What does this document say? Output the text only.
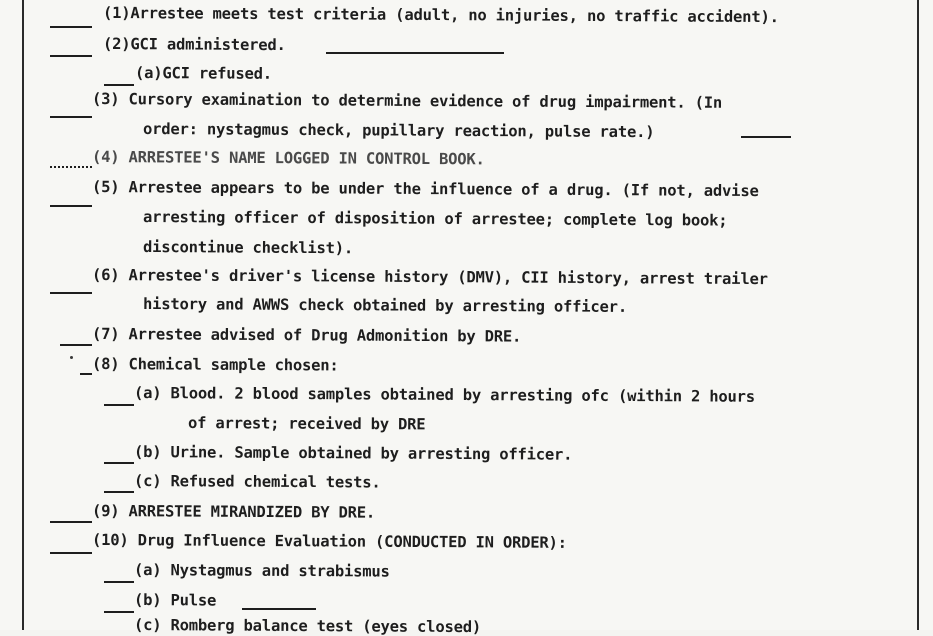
(1)Arrestee meets test criteria (adult, no injuries, no traffic accident).
(2)GCI administered.
(a)GCI refused.
(3) Cursory examination to determine evidence of drug impairment. (In
order: nystagmus check, pupillary reaction, pulse rate.)
(4) ARRESTEE'S NAME LOGGED IN CONTROL BOOK.
(5) Arrestee appears to be under the influence of a drug. (If not, advise
arresting officer of disposition of arrestee; complete log book;
discontinue checklist).
(6) Arrestee's driver's license history (DMV), CII history, arrest trailer
history and AWWS check obtained by arresting officer.
(7) Arrestee advised of Drug Admonition by DRE.
(8) Chemical sample chosen:
(a) Blood. 2 blood samples obtained by arresting ofc (within 2 hours
of arrest; received by DRE
(b) Urine. Sample obtained by arresting officer.
(c) Refused chemical tests.
(9) ARRESTEE MIRANDIZED BY DRE.
(10) Drug Influence Evaluation (CONDUCTED IN ORDER):
(a) Nystagmus and strabismus
(b) Pulse
(c) Romberg balance test (eyes closed)
